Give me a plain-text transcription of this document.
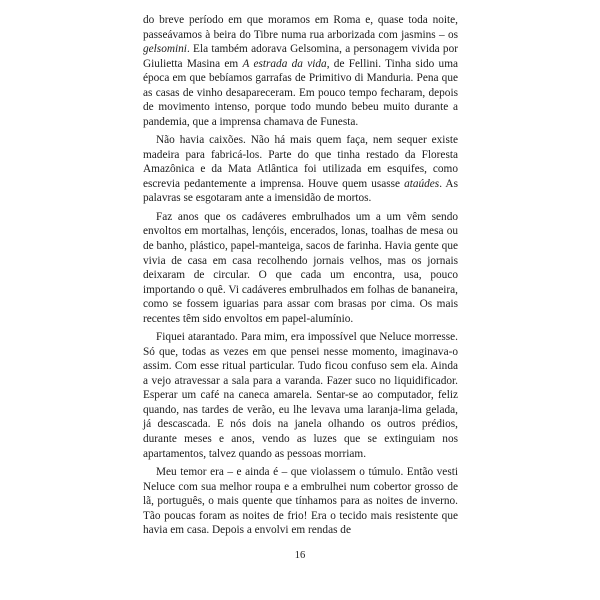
do breve período em que moramos em Roma e, quase toda noite, passeávamos à beira do Tibre numa rua arborizada com jasmins – os gelsomini. Ela também adorava Gelsomina, a personagem vivida por Giulietta Masina em A estrada da vida, de Fellini. Tinha sido uma época em que bebíamos garrafas de Primitivo di Manduria. Pena que as casas de vinho desapareceram. Em pouco tempo fecharam, depois de movimento intenso, porque todo mundo bebeu muito durante a pandemia, que a imprensa chamava de Funesta.

Não havia caixões. Não há mais quem faça, nem sequer existe madeira para fabricá-los. Parte do que tinha restado da Floresta Amazônica e da Mata Atlântica foi utilizada em esquifes, como escrevia pedantemente a imprensa. Houve quem usasse ataúdes. As palavras se esgotaram ante a imensidão de mortos.

Faz anos que os cadáveres embrulhados um a um vêm sendo envoltos em mortalhas, lençóis, encerados, lonas, toalhas de mesa ou de banho, plástico, papel-manteiga, sacos de farinha. Havia gente que vivia de casa em casa recolhendo jornais velhos, mas os jornais deixaram de circular. O que cada um encontra, usa, pouco importando o quê. Vi cadáveres embrulhados em folhas de bananeira, como se fossem iguarias para assar com brasas por cima. Os mais recentes têm sido envoltos em papel-alumínio.

Fiquei atarantado. Para mim, era impossível que Neluce morresse. Só que, todas as vezes em que pensei nesse momento, imaginava-o assim. Com esse ritual particular. Tudo ficou confuso sem ela. Ainda a vejo atravessar a sala para a varanda. Fazer suco no liquidificador. Esperar um café na caneca amarela. Sentar-se ao computador, feliz quando, nas tardes de verão, eu lhe levava uma laranja-lima gelada, já descascada. E nós dois na janela olhando os outros prédios, durante meses e anos, vendo as luzes que se extinguiam nos apartamentos, talvez quando as pessoas morriam.

Meu temor era – e ainda é – que violassem o túmulo. Então vesti Neluce com sua melhor roupa e a embrulhei num cobertor grosso de lã, português, o mais quente que tínhamos para as noites de inverno. Tão poucas foram as noites de frio! Era o tecido mais resistente que havia em casa. Depois a envolvi em rendas de

16
